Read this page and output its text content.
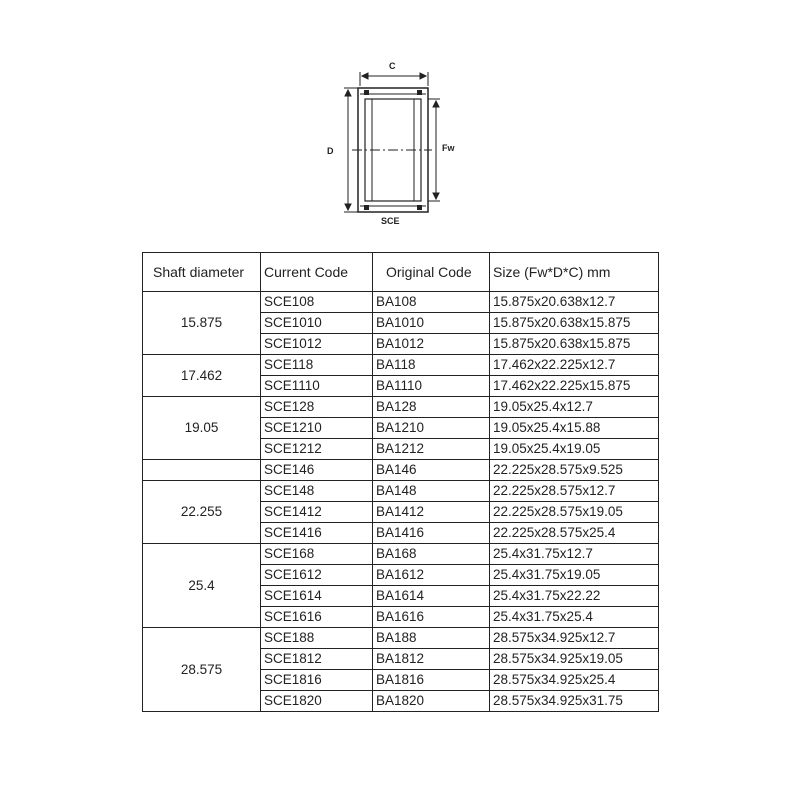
C
D	Fw
SCE
Shaft diameter	Current Code	Original Code	Size (Fw*D*C) mm
15.875	SCE108	BA108	15.875x20.638x12.7
	SCE1010	BA1010	15.875x20.638x15.875
	SCE1012	BA1012	15.875x20.638x15.875
17.462	SCE118	BA118	17.462x22.225x12.7
	SCE1110	BA1110	17.462x22.225x15.875
19.05	SCE128	BA128	19.05x25.4x12.7
	SCE1210	BA1210	19.05x25.4x15.88
	SCE1212	BA1212	19.05x25.4x19.05
	SCE146	BA146	22.225x28.575x9.525
22.255	SCE148	BA148	22.225x28.575x12.7
	SCE1412	BA1412	22.225x28.575x19.05
	SCE1416	BA1416	22.225x28.575x25.4
25.4	SCE168	BA168	25.4x31.75x12.7
	SCE1612	BA1612	25.4x31.75x19.05
	SCE1614	BA1614	25.4x31.75x22.22
	SCE1616	BA1616	25.4x31.75x25.4
28.575	SCE188	BA188	28.575x34.925x12.7
	SCE1812	BA1812	28.575x34.925x19.05
	SCE1816	BA1816	28.575x34.925x25.4
	SCE1820	BA1820	28.575x34.925x31.75
